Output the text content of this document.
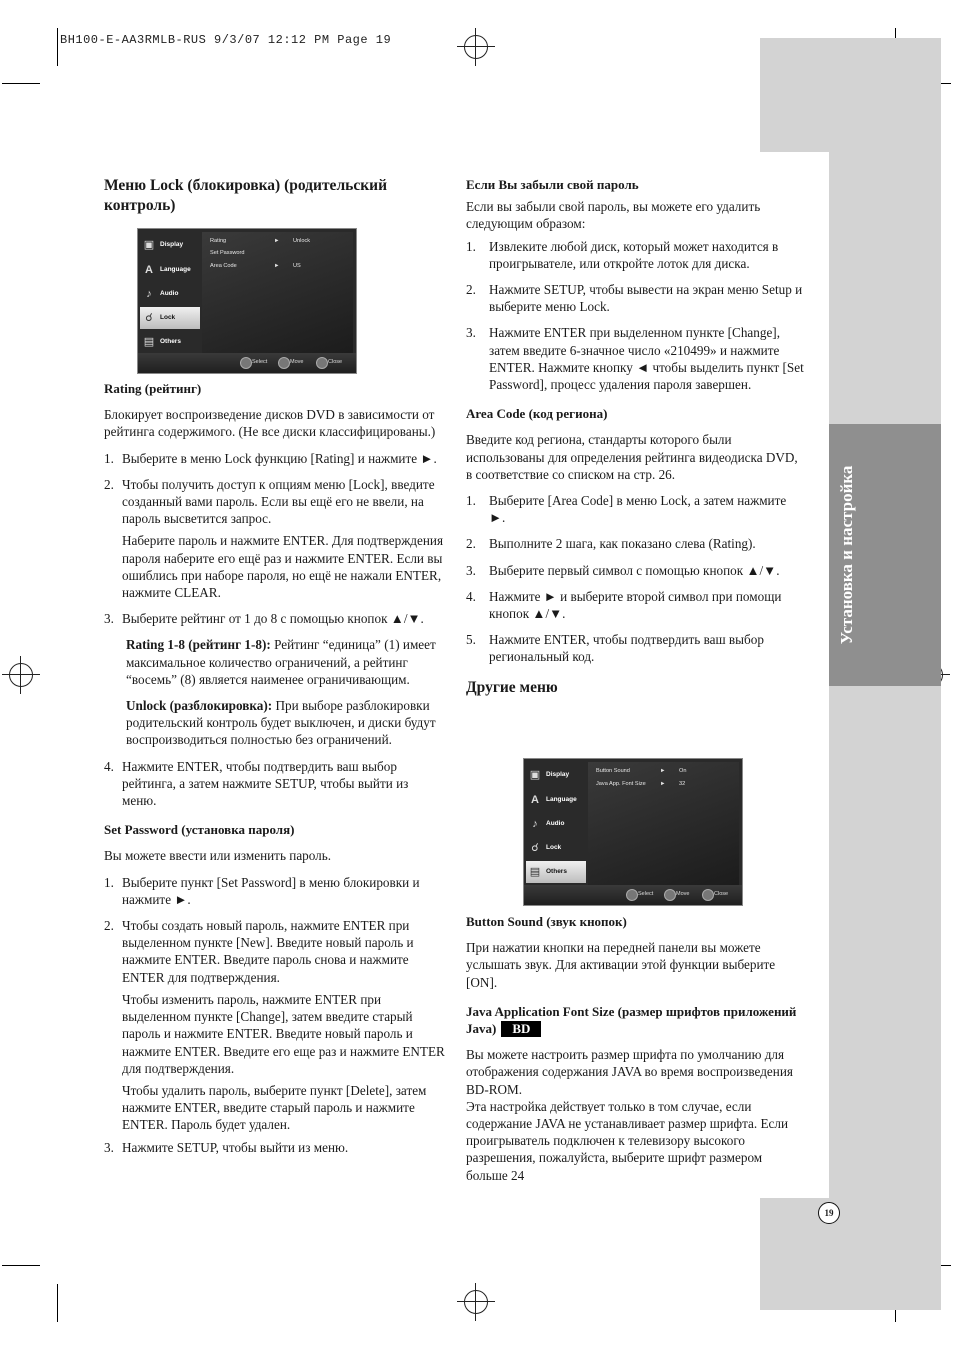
BH100-E-AA3RMLB-RUS 9/3/07 12:12 PM Page 19
Установка и настройка
19

Меню Lock (блокировка) (родительский контроль)

▣ Display
A	Language
♪	Audio
☌	Lock
▤ Others
Rating	► Unlock
Set Password
Area Code	► US
Select	Move	Close

Rating (рейтинг)

Блокирует воспроизведение дисков DVD в зависимости от рейтинга содержимого. (Не все диски классифицированы.)

1. Выберите в меню Lock функцию [Rating] и нажмите ►.

2. Чтобы получить доступ к опциям меню [Lock], введите созданный вами пароль. Если вы ещё его не ввели, на пароль высветится запрос.

Наберите пароль и нажмите ENTER. Для подтверждения пароля наберите его ещё раз и нажмите ENTER. Если вы ошиблись при наборе пароля, но ещё не нажали ENTER, нажмите CLEAR.

3. Выберите рейтинг от 1 до 8 с помощью кнопок ▲/▼.

Rating 1-8 (рейтинг 1-8): Рейтинг “единица” (1) имеет максимальное количество ограничений, а рейтинг “восемь” (8) является наименее ограничивающим.

Unlock (разблокировка): При выборе разблокировки родительский контроль будет выключен, и диски будут воспроизводиться полностью без ограничений.

4. Нажмите ENTER, чтобы подтвердить ваш выбор рейтинга, а затем нажмите SETUP, чтобы выйти из меню.

Set Password (установка пароля)

Вы можете ввести или изменить пароль.

1. Выберите пункт [Set Password] в меню блокировки и нажмите ►.

2. Чтобы создать новый пароль, нажмите ENTER при выделенном пункте [New]. Введите новый пароль и нажмите ENTER. Введите пароль снова и нажмите ENTER для подтверждения.

Чтобы изменить пароль, нажмите ENTER при выделенном пункте [Change], затем введите старый пароль и нажмите ENTER. Введите новый пароль и нажмите ENTER. Введите его еще раз и нажмите ENTER для подтверждения.

Чтобы удалить пароль, выберите пункт [Delete], затем нажмите ENTER, введите старый пароль и нажмите ENTER. Пароль будет удален.

3. Нажмите SETUP, чтобы выйти из меню.

Если Вы забыли свой пароль

Если вы забыли свой пароль, вы можете его удалить следующим образом:

1. Извлеките любой диск, который может находится в проигрывателе, или откройте лоток для диска.

2. Нажмите SETUP, чтобы вывести на экран меню Setup и выберите меню Lock.

3. Нажмите ENTER при выделенном пункте [Change], затем введите 6-значное число «210499» и нажмите ENTER. Нажмите кнопку ◄ чтобы выделить пункт [Set Password], процесс удаления пароля завершен.

Area Code (код региона)

Введите код региона, стандарты которого были использованы для определения рейтинга видеодиска DVD, в соответствие со списком на стр. 26.

1. Выберите [Area Code] в меню Lock, а затем нажмите ►.

2. Выполните 2 шага, как показано слева (Rating).

3. Выберите первый символ с помощью кнопок ▲/▼.

4. Нажмите ► и выберите второй символ при помощи кнопок ▲/▼.

5. Нажмите ENTER, чтобы подтвердить ваш выбор региональный код.

Другие меню

▣ Display
A	Language
♪	Audio
☌	Lock
▤ Others
Button Sound	► On
Java App. Font Size	► 32
Select	Move	Close

Button Sound (звук кнопок)

При нажатии кнопки на передней панели вы можете услышать звук. Для активации этой функции выберите [ON].

Java Application Font Size (размер шрифтов приложений Java) BD

Вы можете настроить размер шрифта по умолчанию для отображения содержания JAVA во время воспроизведения BD-ROM.

Эта настройка действует только в том случае, если содержание JAVA не устанавливает размер шрифта. Если проигрыватель подключен к телевизору высокого разрешения, пожалуйста, выберите шрифт размером больше 24
